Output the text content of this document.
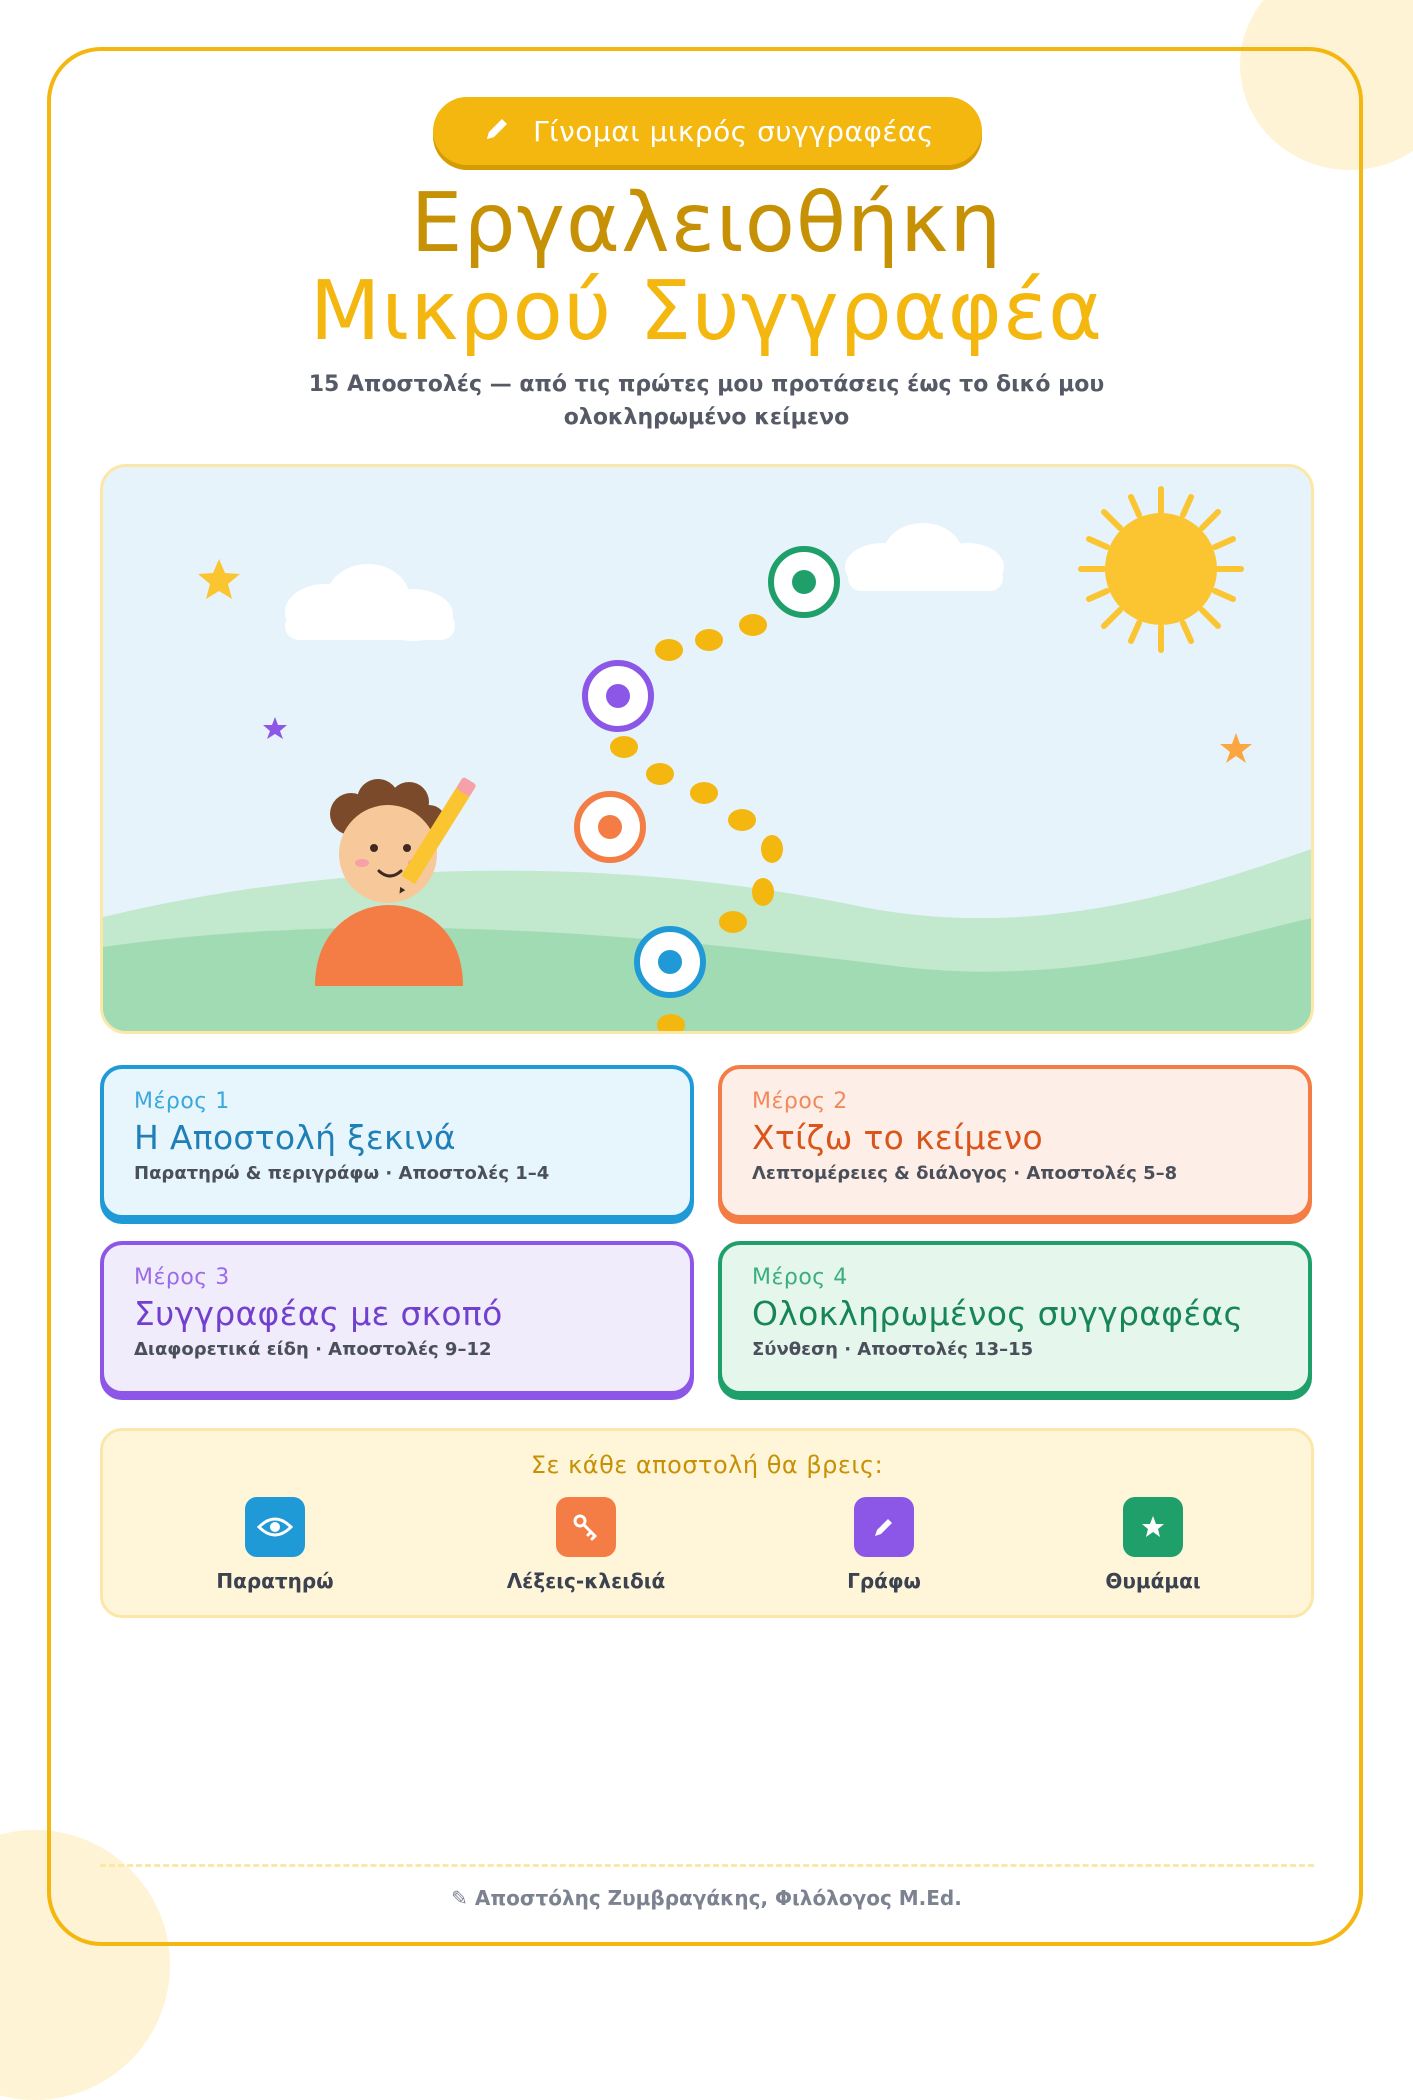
Γίνομαι μικρός συγγραφέας
Εργαλειοθήκη
Μικρού Συγγραφέα
15 Αποστολές — από τις πρώτες μου προτάσεις έως το δικό μου ολοκληρωμένο κείμενο
Μέρος 1
Η Αποστολή ξεκινά
Παρατηρώ & περιγράφω · Αποστολές 1–4
Μέρος 2
Χτίζω το κείμενο
Λεπτομέρειες & διάλογος · Αποστολές 5–8
Μέρος 3
Συγγραφέας με σκοπό
Διαφορετικά είδη · Αποστολές 9–12
Μέρος 4
Ολοκληρωμένος συγγραφέας
Σύνθεση · Αποστολές 13–15
Σε κάθε αποστολή θα βρεις:
Παρατηρώ	Λέξεις-κλειδιά	Γράφω	Θυμάμαι
✎ Αποστόλης Ζυμβραγάκης, Φιλόλογος M.Ed.
